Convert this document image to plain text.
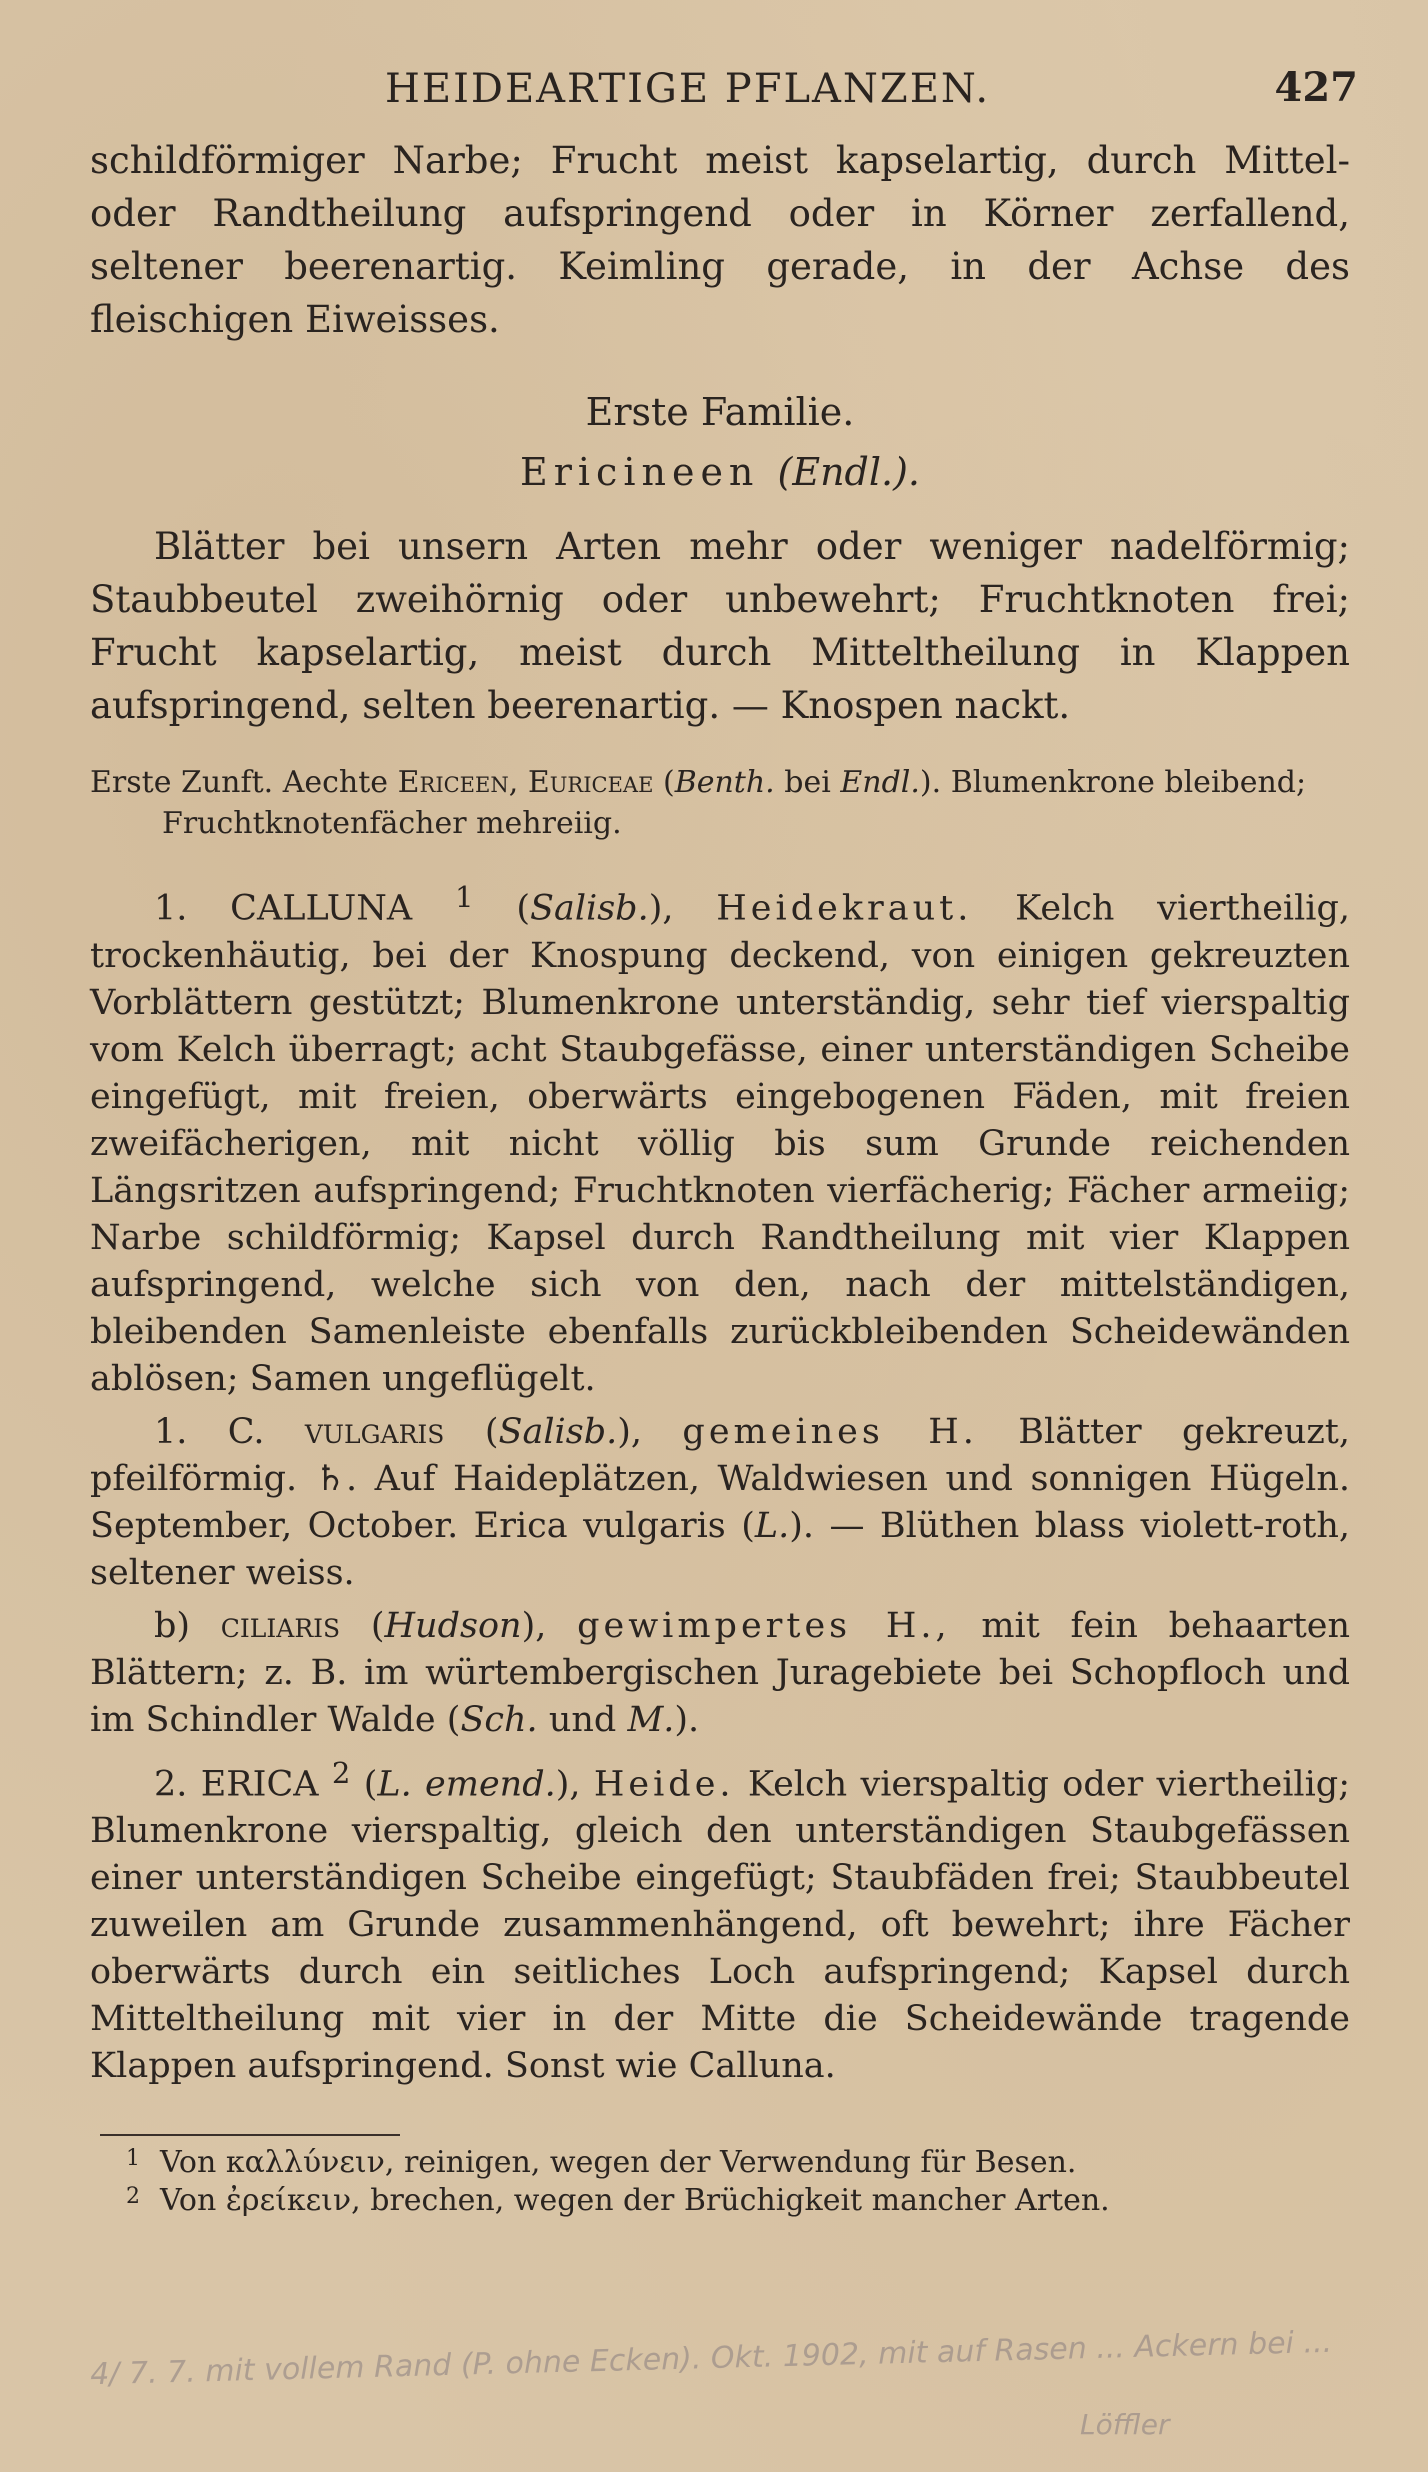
HEIDEARTIGE PFLANZEN.	427

schildförmiger Narbe; Frucht meist kapselartig, durch Mittel- oder Randtheilung aufspringend oder in Körner zerfallend, seltener beerenartig. Keimling gerade, in der Achse des fleischigen Eiweisses.

Erste Familie.

Ericineen (Endl.).

Blätter bei unsern Arten mehr oder weniger nadelförmig; Staubbeutel zweihörnig oder unbewehrt; Fruchtknoten frei; Frucht kapselartig, meist durch Mitteltheilung in Klappen aufspringend, selten beerenartig. — Knospen nackt.

Erste Zunft. Aechte Ericeen, Euriceae (Benth. bei Endl.). Blumenkrone bleibend; Fruchtknotenfächer mehreiig.

1. CALLUNA $^1$ (Salisb.), Heidekraut. Kelch viertheilig, trockenhäutig, bei der Knospung deckend, von einigen gekreuzten Vorblättern gestützt; Blumenkrone unterständig, sehr tief vierspaltig vom Kelch überragt; acht Staubgefässe, einer unterständigen Scheibe eingefügt, mit freien, oberwärts eingebogenen Fäden, mit freien zweifächerigen, mit nicht völlig bis sum Grunde reichenden Längsritzen aufspringend; Fruchtknoten vierfächerig; Fächer armeiig; Narbe schildförmig; Kapsel durch Randtheilung mit vier Klappen aufspringend, welche sich von den, nach der mittelständigen, bleibenden Samenleiste ebenfalls zurückbleibenden Scheidewänden ablösen; Samen ungeflügelt.

1. C. vulgaris (Salisb.), gemeines H. Blätter gekreuzt, pfeilförmig. ♄. Auf Haideplätzen, Waldwiesen und sonnigen Hügeln. September, October. Erica vulgaris (L.). — Blüthen blass violett-roth, seltener weiss.

b) ciliaris (Hudson), gewimpertes H., mit fein behaarten Blättern; z. B. im würtembergischen Juragebiete bei Schopfloch und im Schindler Walde (Sch. und M.).

2. ERICA $^2$ (L. emend.), Heide. Kelch vierspaltig oder viertheilig; Blumenkrone vierspaltig, gleich den unterständigen Staubgefässen einer unterständigen Scheibe eingefügt; Staubfäden frei; Staubbeutel zuweilen am Grunde zusammenhängend, oft bewehrt; ihre Fächer oberwärts durch ein seitliches Loch aufspringend; Kapsel durch Mitteltheilung mit vier in der Mitte die Scheidewände tragende Klappen aufspringend. Sonst wie Calluna.

1 Von καλλύνειν, reinigen, wegen der Verwendung für Besen.
2 Von ἐρείκειν, brechen, wegen der Brüchigkeit mancher Arten.
4/ 7. 7. mit vollem Rand (P. ohne Ecken). Okt. 1902, mit auf Rasen ... Ackern bei ...
Löffler
